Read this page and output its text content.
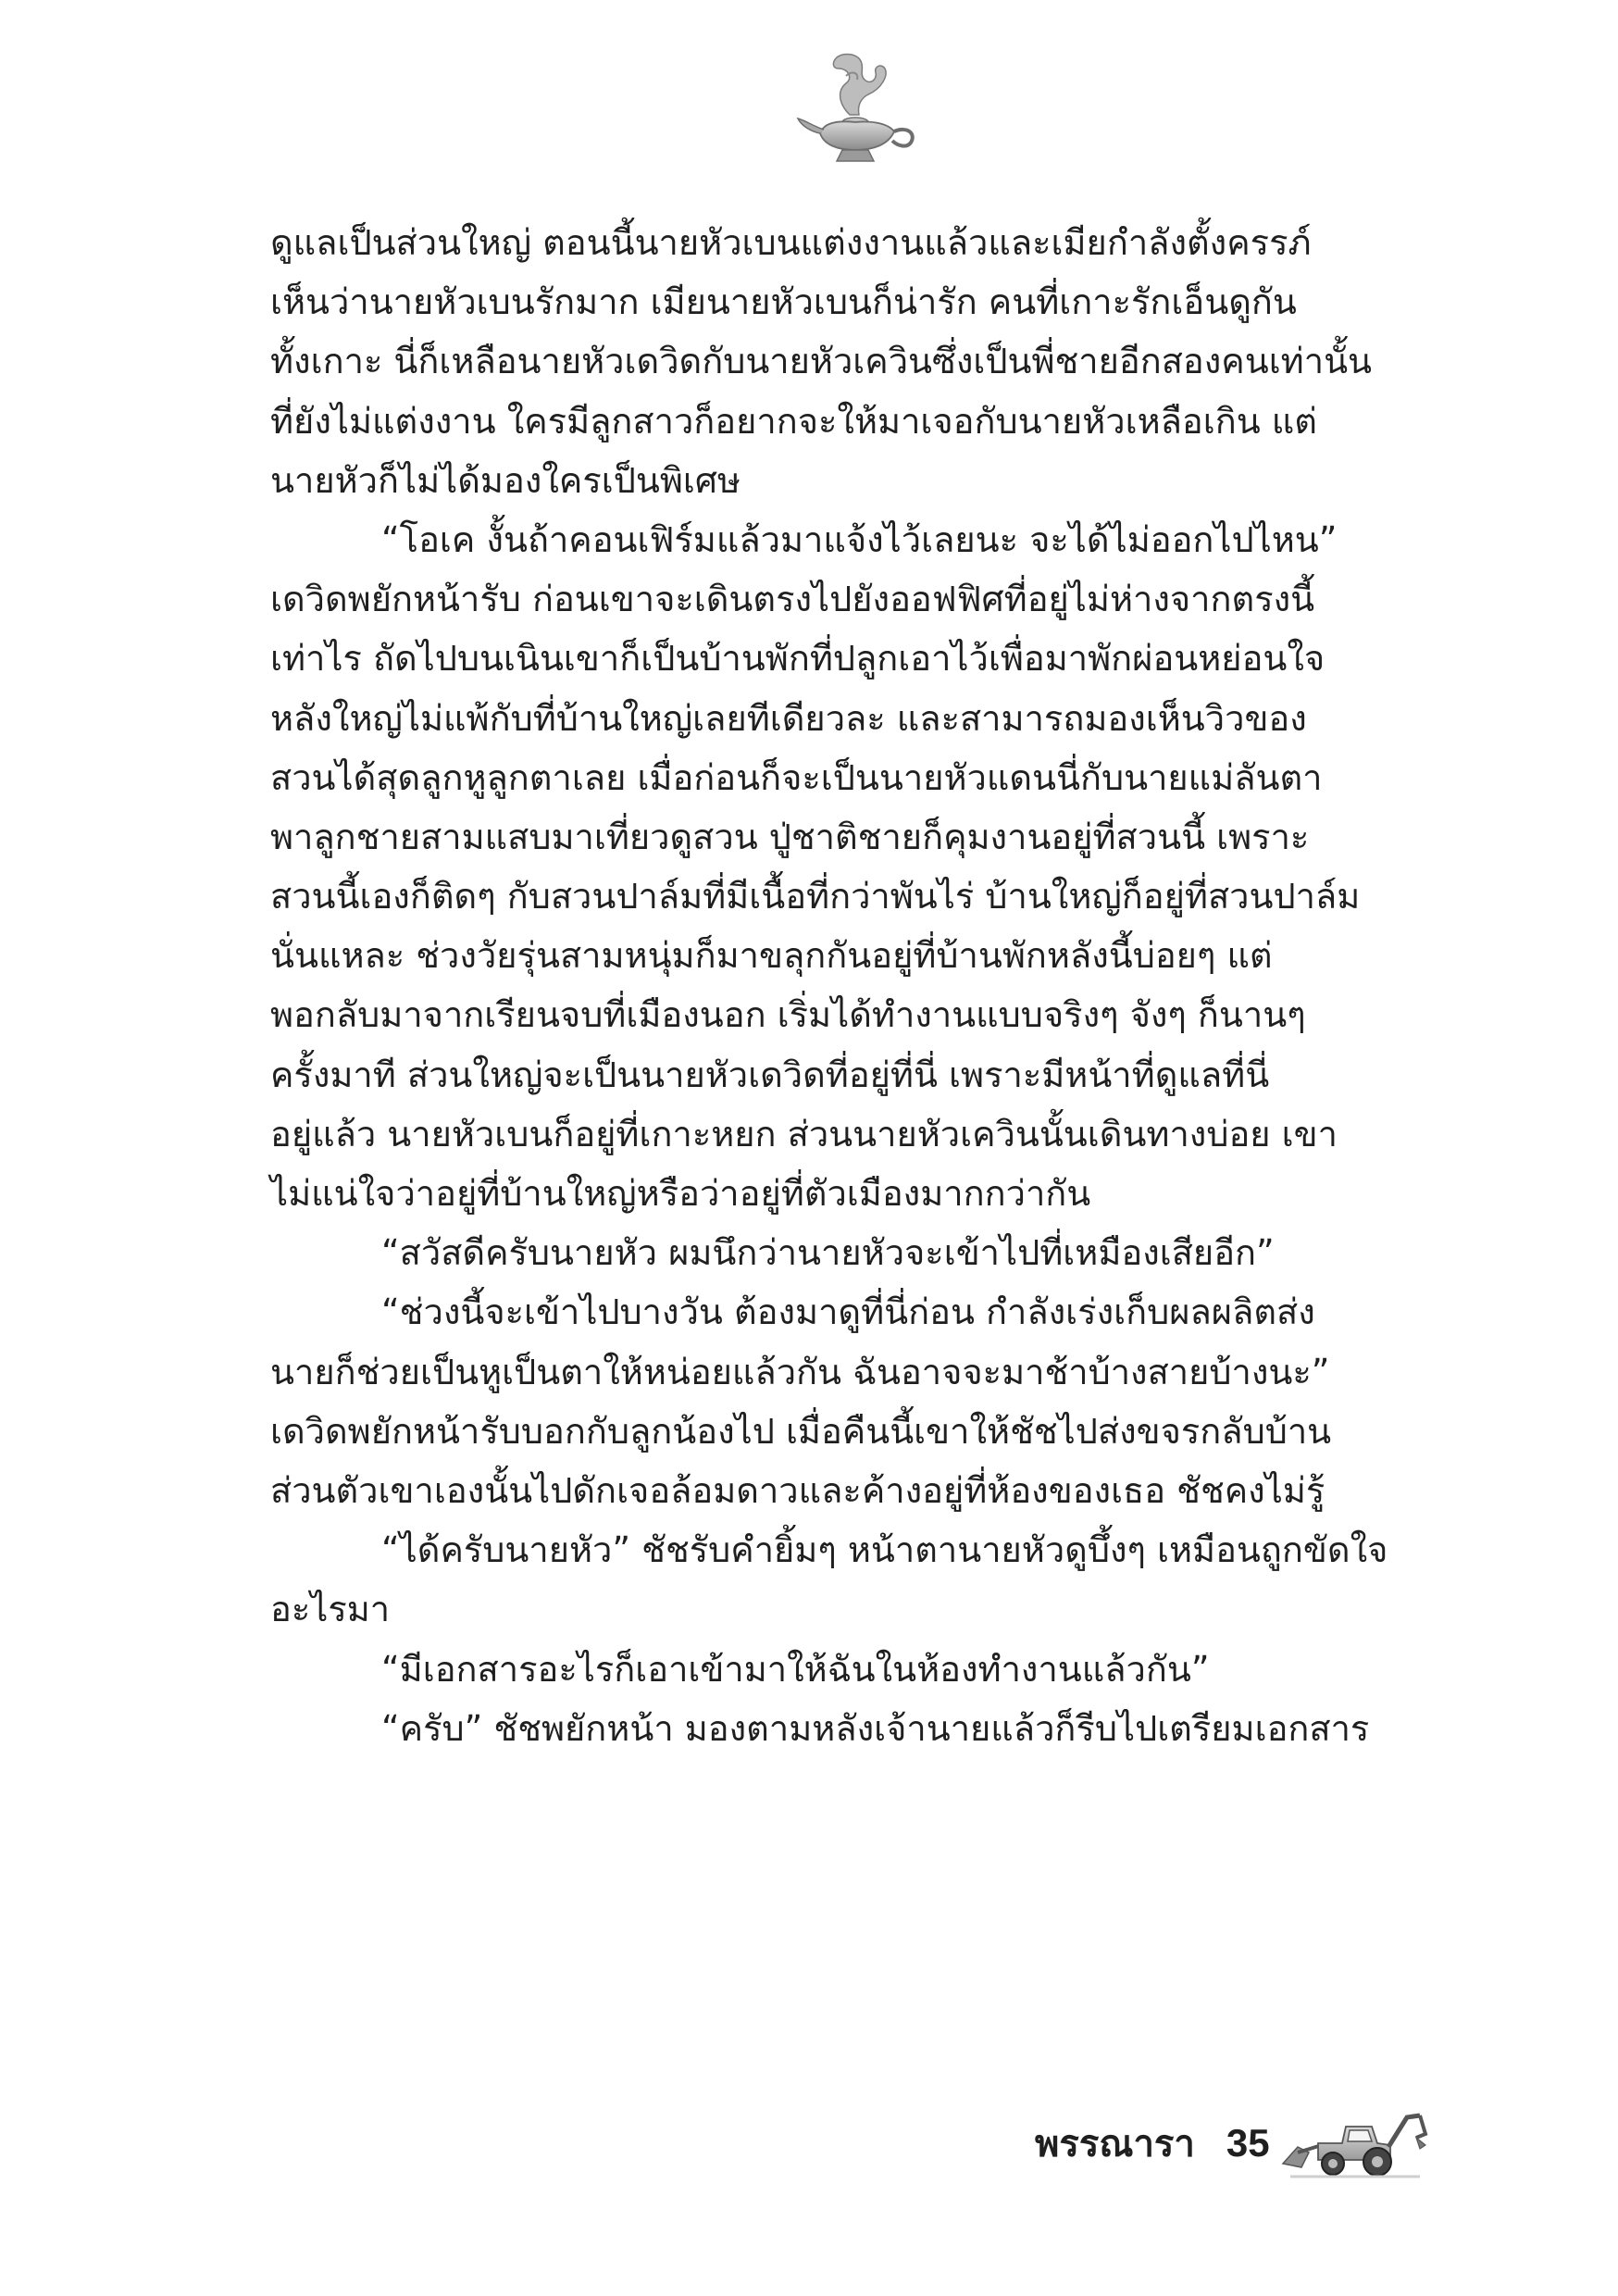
ดูแลเป็นส่วนใหญ่ ตอนนี้นายหัวเบนแต่งงานแล้วและเมียกำลังตั้งครรภ์
เห็นว่านายหัวเบนรักมาก เมียนายหัวเบนก็น่ารัก คนที่เกาะรักเอ็นดูกัน
ทั้งเกาะ นี่ก็เหลือนายหัวเดวิดกับนายหัวเควินซึ่งเป็นพี่ชายอีกสองคนเท่านั้น
ที่ยังไม่แต่งงาน ใครมีลูกสาวก็อยากจะให้มาเจอกับนายหัวเหลือเกิน แต่
นายหัวก็ไม่ได้มองใครเป็นพิเศษ
“โอเค งั้นถ้าคอนเฟิร์มแล้วมาแจ้งไว้เลยนะ จะได้ไม่ออกไปไหน”
เดวิดพยักหน้ารับ ก่อนเขาจะเดินตรงไปยังออฟฟิศที่อยู่ไม่ห่างจากตรงนี้
เท่าไร ถัดไปบนเนินเขาก็เป็นบ้านพักที่ปลูกเอาไว้เพื่อมาพักผ่อนหย่อนใจ
หลังใหญ่ไม่แพ้กับที่บ้านใหญ่เลยทีเดียวละ และสามารถมองเห็นวิวของ
สวนได้สุดลูกหูลูกตาเลย เมื่อก่อนก็จะเป็นนายหัวแดนนี่กับนายแม่ลันตา
พาลูกชายสามแสบมาเที่ยวดูสวน ปู่ชาติชายก็คุมงานอยู่ที่สวนนี้ เพราะ
สวนนี้เองก็ติดๆ กับสวนปาล์มที่มีเนื้อที่กว่าพันไร่ บ้านใหญ่ก็อยู่ที่สวนปาล์ม
นั่นแหละ ช่วงวัยรุ่นสามหนุ่มก็มาขลุกกันอยู่ที่บ้านพักหลังนี้บ่อยๆ แต่
พอกลับมาจากเรียนจบที่เมืองนอก เริ่มได้ทำงานแบบจริงๆ จังๆ ก็นานๆ
ครั้งมาที ส่วนใหญ่จะเป็นนายหัวเดวิดที่อยู่ที่นี่ เพราะมีหน้าที่ดูแลที่นี่
อยู่แล้ว นายหัวเบนก็อยู่ที่เกาะหยก ส่วนนายหัวเควินนั้นเดินทางบ่อย เขา
ไม่แน่ใจว่าอยู่ที่บ้านใหญ่หรือว่าอยู่ที่ตัวเมืองมากกว่ากัน
“สวัสดีครับนายหัว ผมนึกว่านายหัวจะเข้าไปที่เหมืองเสียอีก”
“ช่วงนี้จะเข้าไปบางวัน ต้องมาดูที่นี่ก่อน กำลังเร่งเก็บผลผลิตส่ง
นายก็ช่วยเป็นหูเป็นตาให้หน่อยแล้วกัน ฉันอาจจะมาช้าบ้างสายบ้างนะ”
เดวิดพยักหน้ารับบอกกับลูกน้องไป เมื่อคืนนี้เขาให้ชัชไปส่งขจรกลับบ้าน
ส่วนตัวเขาเองนั้นไปดักเจอล้อมดาวและค้างอยู่ที่ห้องของเธอ ชัชคงไม่รู้
“ได้ครับนายหัว” ชัชรับคำยิ้มๆ หน้าตานายหัวดูบึ้งๆ เหมือนถูกขัดใจ
อะไรมา
“มีเอกสารอะไรก็เอาเข้ามาให้ฉันในห้องทำงานแล้วกัน”
“ครับ” ชัชพยักหน้า มองตามหลังเจ้านายแล้วก็รีบไปเตรียมเอกสาร
พรรณารา 35
